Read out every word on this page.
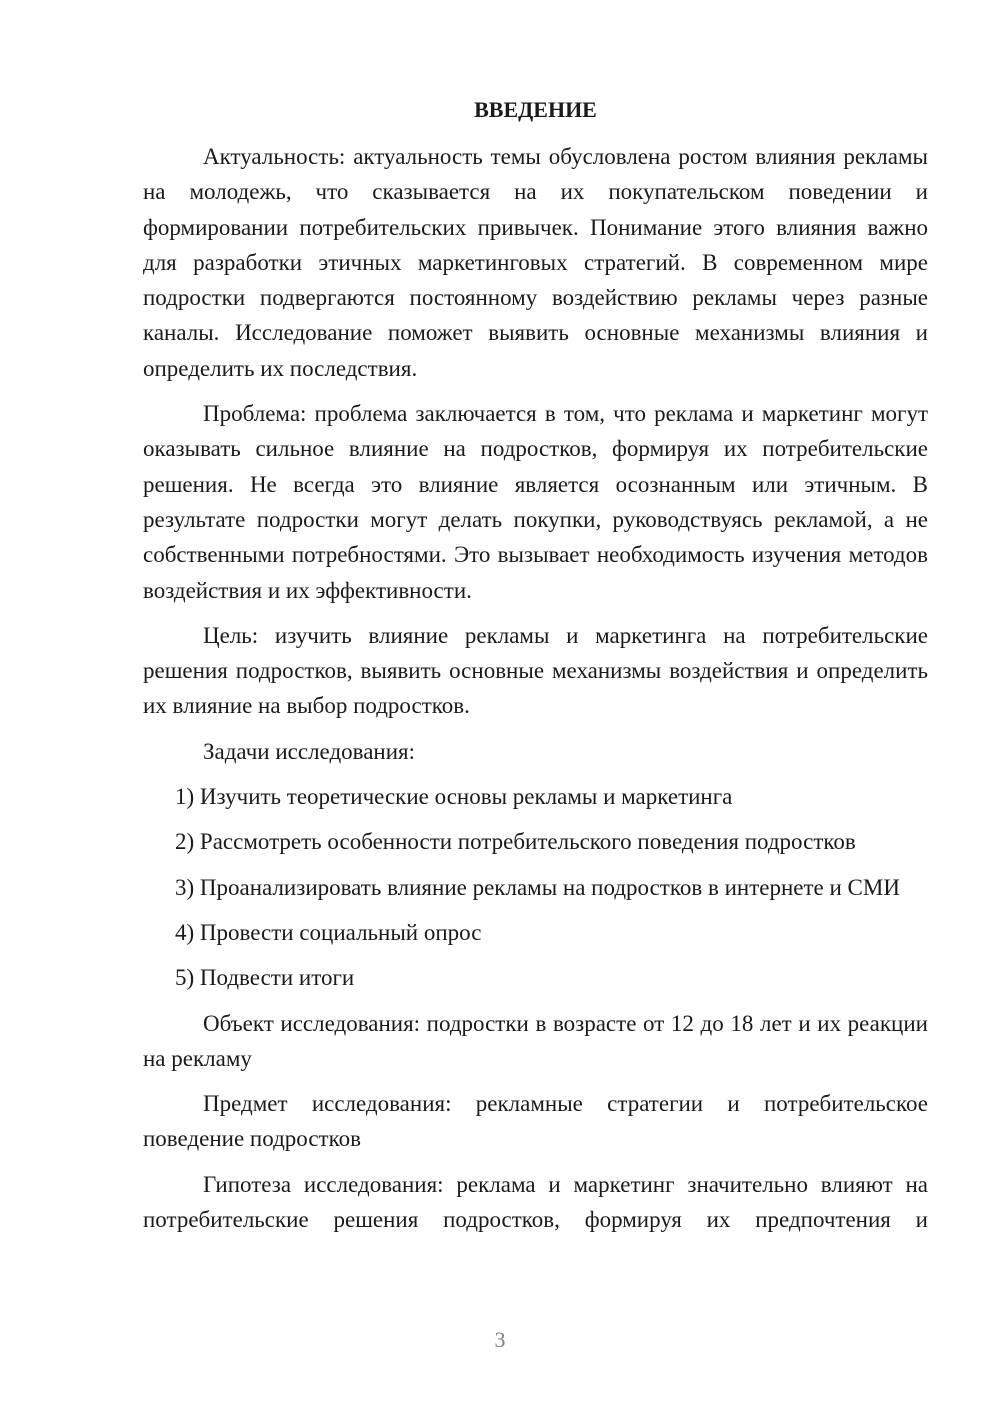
ВВЕДЕНИЕ

Актуальность: актуальность темы обусловлена ростом влияния рекламы на молодежь, что сказывается на их покупательском поведении и формировании потребительских привычек. Понимание этого влияния важно для разработки этичных маркетинговых стратегий. В современном мире подростки подвергаются постоянному воздействию рекламы через разные каналы. Исследование поможет выявить основные механизмы влияния и определить их последствия.

Проблема: проблема заключается в том, что реклама и маркетинг могут оказывать сильное влияние на подростков, формируя их потребительские решения. Не всегда это влияние является осознанным или этичным. В результате подростки могут делать покупки, руководствуясь рекламой, а не собственными потребностями. Это вызывает необходимость изучения методов воздействия и их эффективности.

Цель: изучить влияние рекламы и маркетинга на потребительские решения подростков, выявить основные механизмы воздействия и определить их влияние на выбор подростков.

Задачи исследования:

1) Изучить теоретические основы рекламы и маркетинга

2) Рассмотреть особенности потребительского поведения подростков

3) Проанализировать влияние рекламы на подростков в интернете и СМИ

4) Провести социальный опрос

5) Подвести итоги

Объект исследования: подростки в возрасте от 12 до 18 лет и их реакции на рекламу

Предмет исследования: рекламные стратегии и потребительское поведение подростков

Гипотеза исследования: реклама и маркетинг значительно влияют на потребительские решения подростков, формируя их предпочтения и

3
